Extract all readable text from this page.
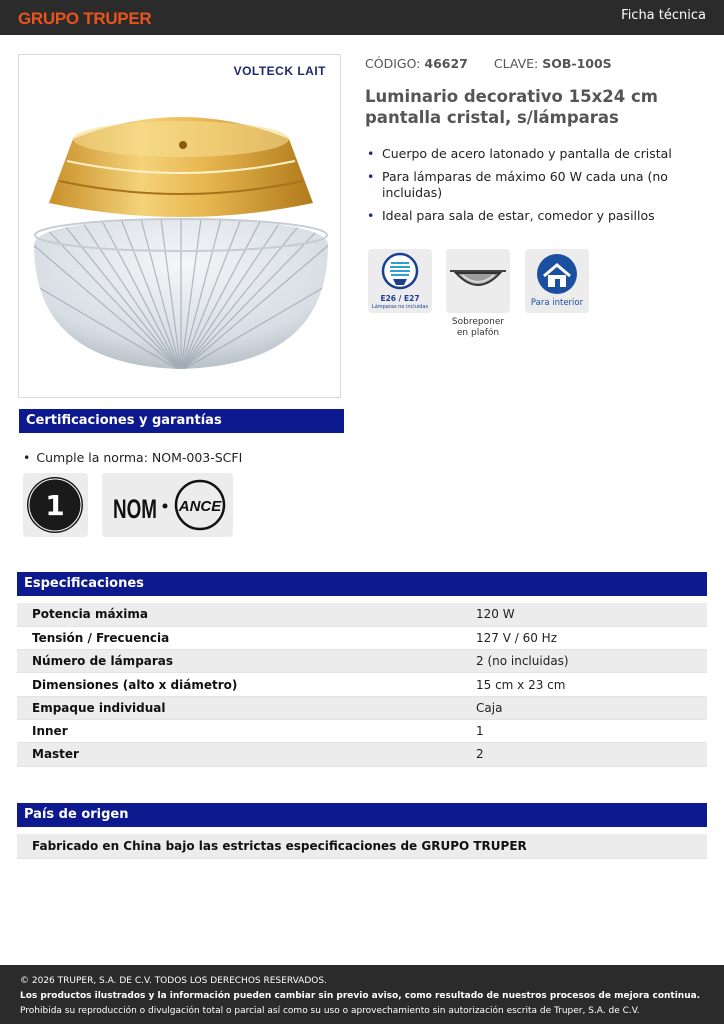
GRUPO TRUPER	Ficha técnica
VOLTECK LAIT	CÓDIGO: 46627 CLAVE: SOB-100S
Luminario decorativo 15x24 cm pantalla cristal, s/lámparas
• Cuerpo de acero latonado y pantalla de cristal
• Para lámparas de máximo 60 W cada una (no incluidas)
• Ideal para sala de estar, comedor y pasillos
E26 / E27
Lámparas no incluidas
Sobreponer en plafón
Para interior
Certificaciones y garantías
• Cumple la norma: NOM-003-SCFI
1 NOM ANCE
Especificaciones
Potencia máxima	120 W
Tensión / Frecuencia	127 V / 60 Hz
Número de lámparas	2 (no incluidas)
Dimensiones (alto x diámetro)	15 cm x 23 cm
Empaque individual	Caja
Inner	1
Master	2
País de origen
Fabricado en China bajo las estrictas especificaciones de GRUPO TRUPER
© 2026 TRUPER, S.A. DE C.V. TODOS LOS DERECHOS RESERVADOS.
Los productos ilustrados y la información pueden cambiar sin previo aviso, como resultado de nuestros procesos de mejora continua.
Prohibida su reproducción o divulgación total o parcial así como su uso o aprovechamiento sin autorización escrita de Truper, S.A. de C.V.
